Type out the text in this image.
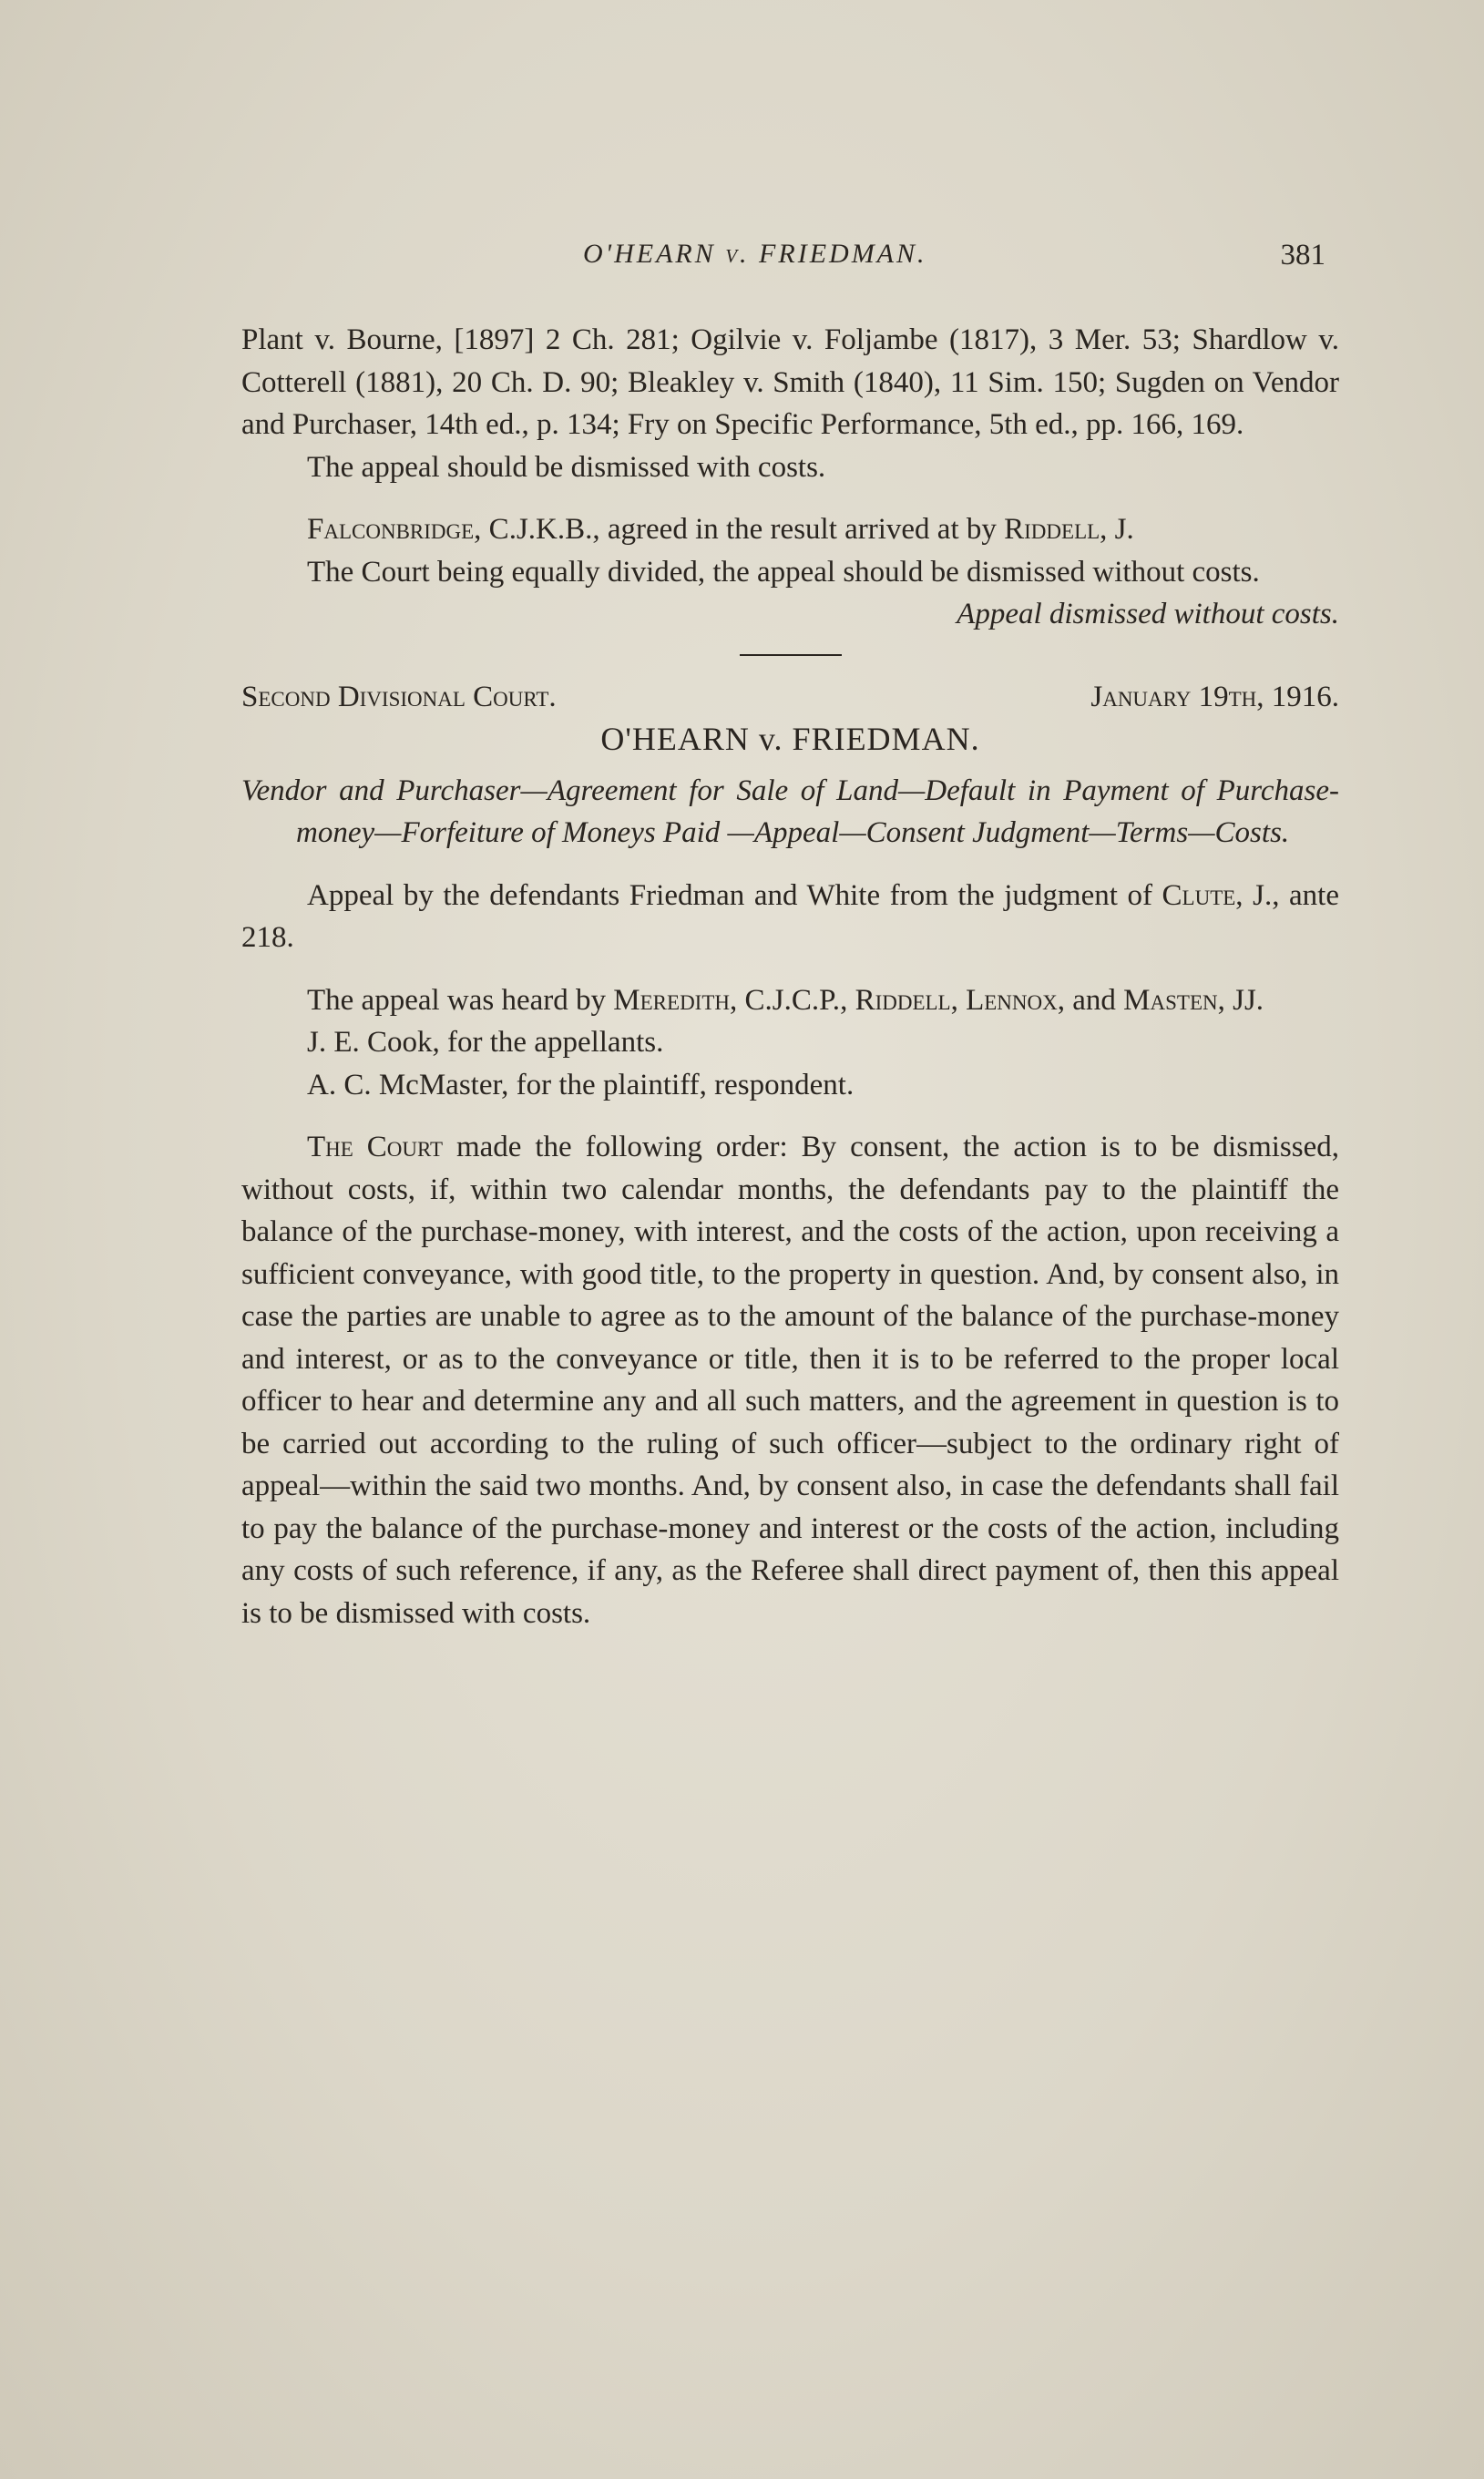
O'HEARN v. FRIEDMAN.	381

Plant v. Bourne, [1897] 2 Ch. 281; Ogilvie v. Foljambe (1817), 3 Mer. 53; Shardlow v. Cotterell (1881), 20 Ch. D. 90; Bleakley v. Smith (1840), 11 Sim. 150; Sugden on Vendor and Purchaser, 14th ed., p. 134; Fry on Specific Performance, 5th ed., pp. 166, 169.

The appeal should be dismissed with costs.

Falconbridge, C.J.K.B., agreed in the result arrived at by Riddell, J.

The Court being equally divided, the appeal should be dismissed without costs.

Appeal dismissed without costs.

Second Divisional Court.	January 19th, 1916.

O'HEARN v. FRIEDMAN.

Vendor and Purchaser—Agreement for Sale of Land—Default in Payment of Purchase-money—Forfeiture of Moneys Paid —Appeal—Consent Judgment—Terms—Costs.

Appeal by the defendants Friedman and White from the judgment of Clute, J., ante 218.

The appeal was heard by Meredith, C.J.C.P., Riddell, Lennox, and Masten, JJ.

J. E. Cook, for the appellants.

A. C. McMaster, for the plaintiff, respondent.

The Court made the following order: By consent, the action is to be dismissed, without costs, if, within two calendar months, the defendants pay to the plaintiff the balance of the purchase-money, with interest, and the costs of the action, upon receiving a sufficient conveyance, with good title, to the property in question. And, by consent also, in case the parties are unable to agree as to the amount of the balance of the purchase-money and interest, or as to the conveyance or title, then it is to be referred to the proper local officer to hear and determine any and all such matters, and the agreement in question is to be carried out according to the ruling of such officer—subject to the ordinary right of appeal—within the said two months. And, by consent also, in case the defendants shall fail to pay the balance of the purchase-money and interest or the costs of the action, including any costs of such reference, if any, as the Referee shall direct payment of, then this appeal is to be dismissed with costs.
